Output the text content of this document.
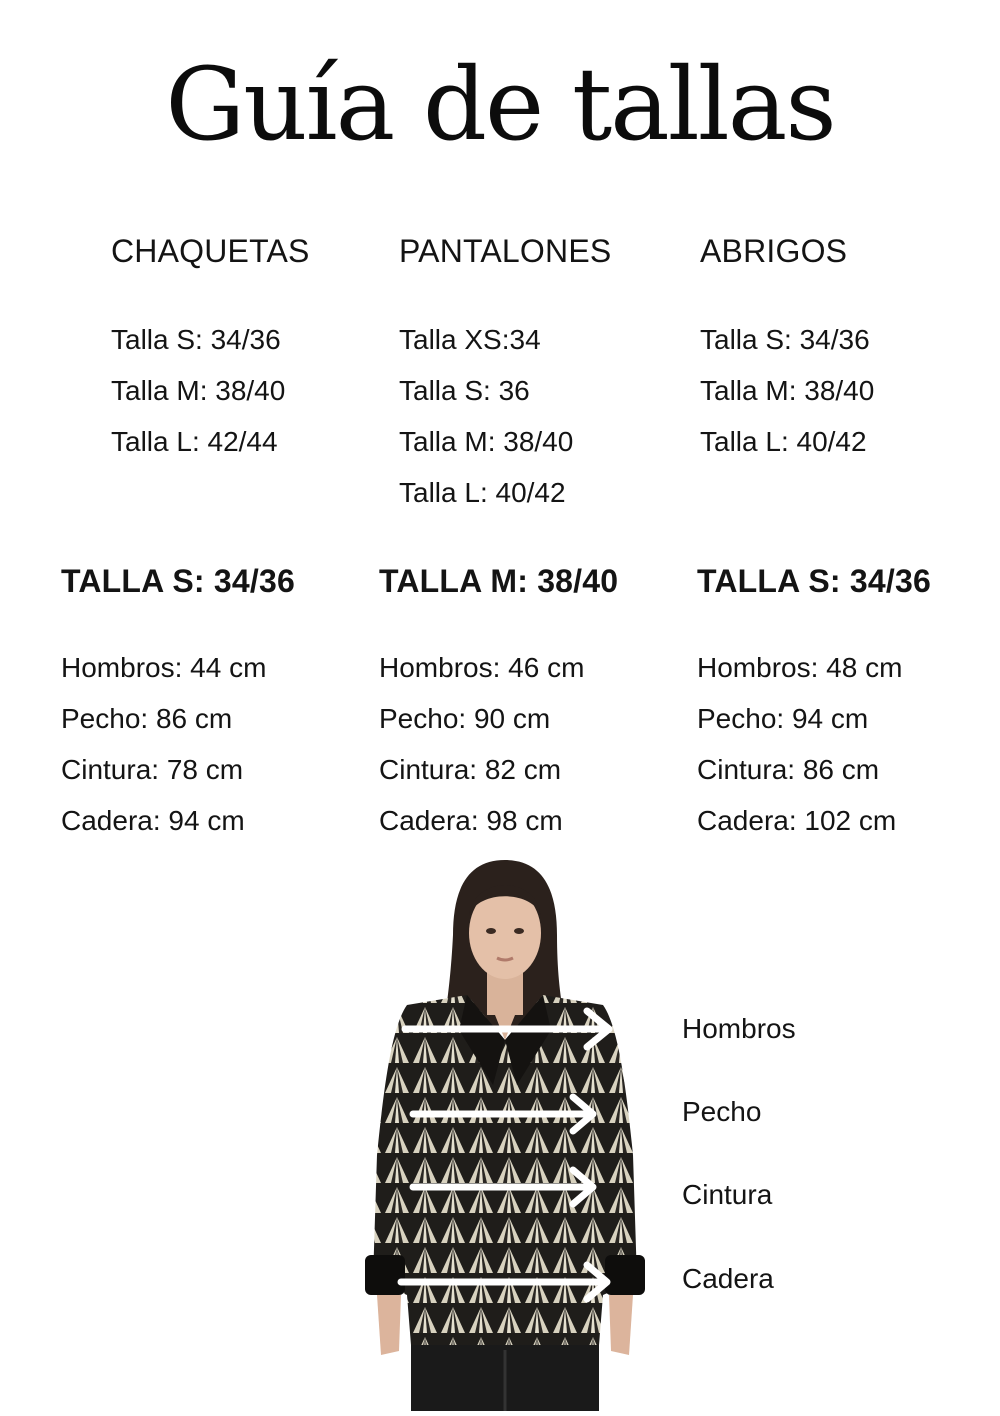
Guía de tallas
CHAQUETAS

Talla S: 34/36

Talla M: 38/40

Talla L: 42/44

PANTALONES

Talla XS:34

Talla S: 36

Talla M: 38/40

Talla L: 40/42

ABRIGOS

Talla S: 34/36

Talla M: 38/40

Talla L: 40/42

TALLA S: 34/36

Hombros: 44 cm

Pecho: 86 cm

Cintura: 78 cm

Cadera: 94 cm

TALLA M: 38/40

Hombros: 46 cm

Pecho: 90 cm

Cintura: 82 cm

Cadera: 98 cm

TALLA S: 34/36

Hombros: 48 cm

Pecho: 94 cm

Cintura: 86 cm

Cadera: 102 cm

Hombros
Pecho
Cintura
Cadera
